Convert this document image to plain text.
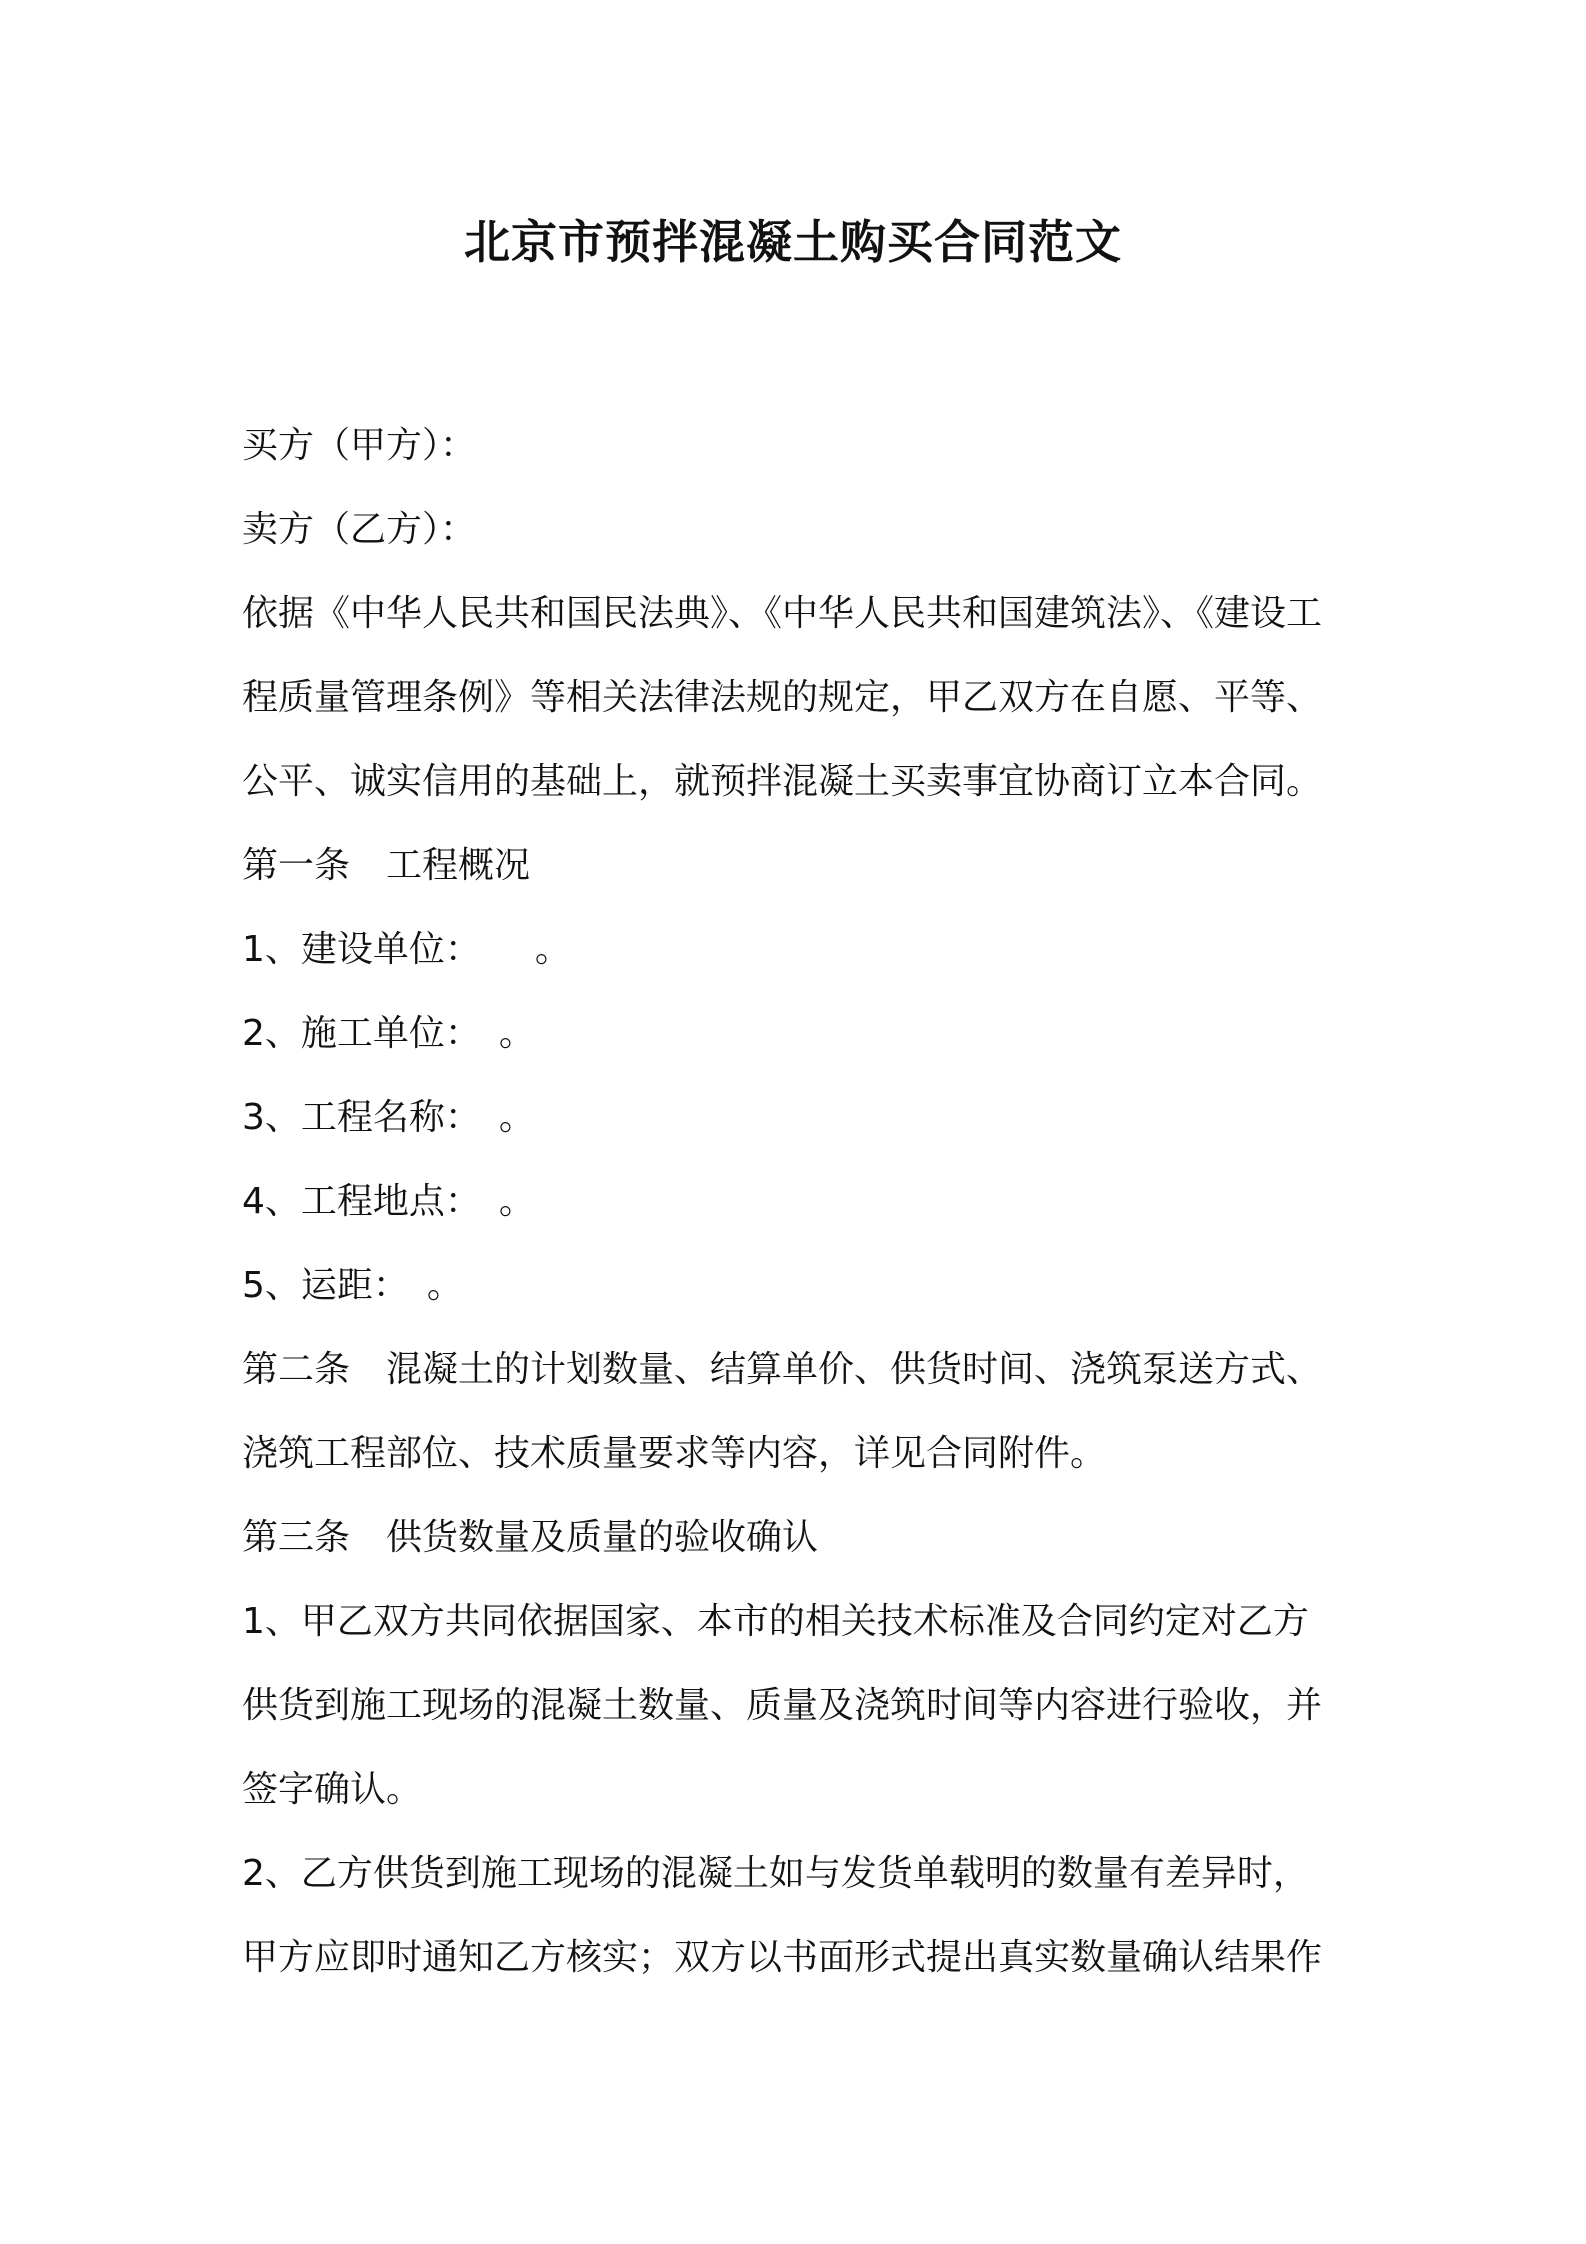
北京市预拌混凝土购买合同范文
买方（甲方）：
卖方（乙方）：
依据《中华人民共和国民法典》、《中华人民共和国建筑法》、《建设工
程质量管理条例》等相关法律法规的规定，甲乙双方在自愿、平等、
公平、诚实信用的基础上，就预拌混凝土买卖事宜协商订立本合同。
第一条　工程概况
1、建设单位：　　。
2、施工单位：　。
3、工程名称：　。
4、工程地点：　。
5、运距：　。
第二条　混凝土的计划数量、结算单价、供货时间、浇筑泵送方式、
浇筑工程部位、技术质量要求等内容，详见合同附件。
第三条　供货数量及质量的验收确认
1、甲乙双方共同依据国家、本市的相关技术标准及合同约定对乙方
供货到施工现场的混凝土数量、质量及浇筑时间等内容进行验收，并
签字确认。
2、乙方供货到施工现场的混凝土如与发货单载明的数量有差异时，
甲方应即时通知乙方核实；双方以书面形式提出真实数量确认结果作
